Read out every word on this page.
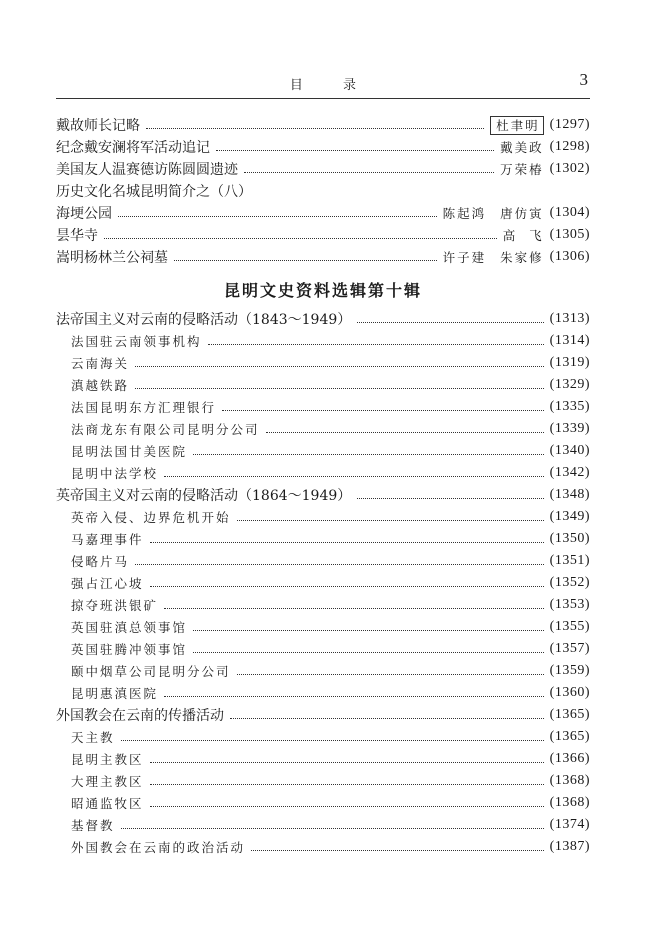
目 录	3
戴故师长记略	杜聿明 (1297)
纪念戴安澜将军活动追记	戴美政 (1298)
美国友人温赛德访陈圆圆遗迹	万荣椿 (1302)
历史文化名城昆明简介之（八）
海埂公园	陈起鸿 唐仿寅 (1304)
昙华寺	高  飞 (1305)
嵩明杨林兰公祠墓	许子建 朱家修 (1306)
昆明文史资料选辑第十辑
法帝国主义对云南的侵略活动（1843～1949）	(1313)
法国驻云南领事机构	(1314)
云南海关	(1319)
滇越铁路	(1329)
法国昆明东方汇理银行	(1335)
法商龙东有限公司昆明分公司	(1339)
昆明法国甘美医院	(1340)
昆明中法学校	(1342)
英帝国主义对云南的侵略活动（1864～1949）	(1348)
英帝入侵、边界危机开始	(1349)
马嘉理事件	(1350)
侵略片马	(1351)
强占江心坡	(1352)
掠夺班洪银矿	(1353)
英国驻滇总领事馆	(1355)
英国驻腾冲领事馆	(1357)
颐中烟草公司昆明分公司	(1359)
昆明惠滇医院	(1360)
外国教会在云南的传播活动	(1365)
天主教	(1365)
昆明主教区	(1366)
大理主教区	(1368)
昭通监牧区	(1368)
基督教	(1374)
外国教会在云南的政治活动	(1387)
